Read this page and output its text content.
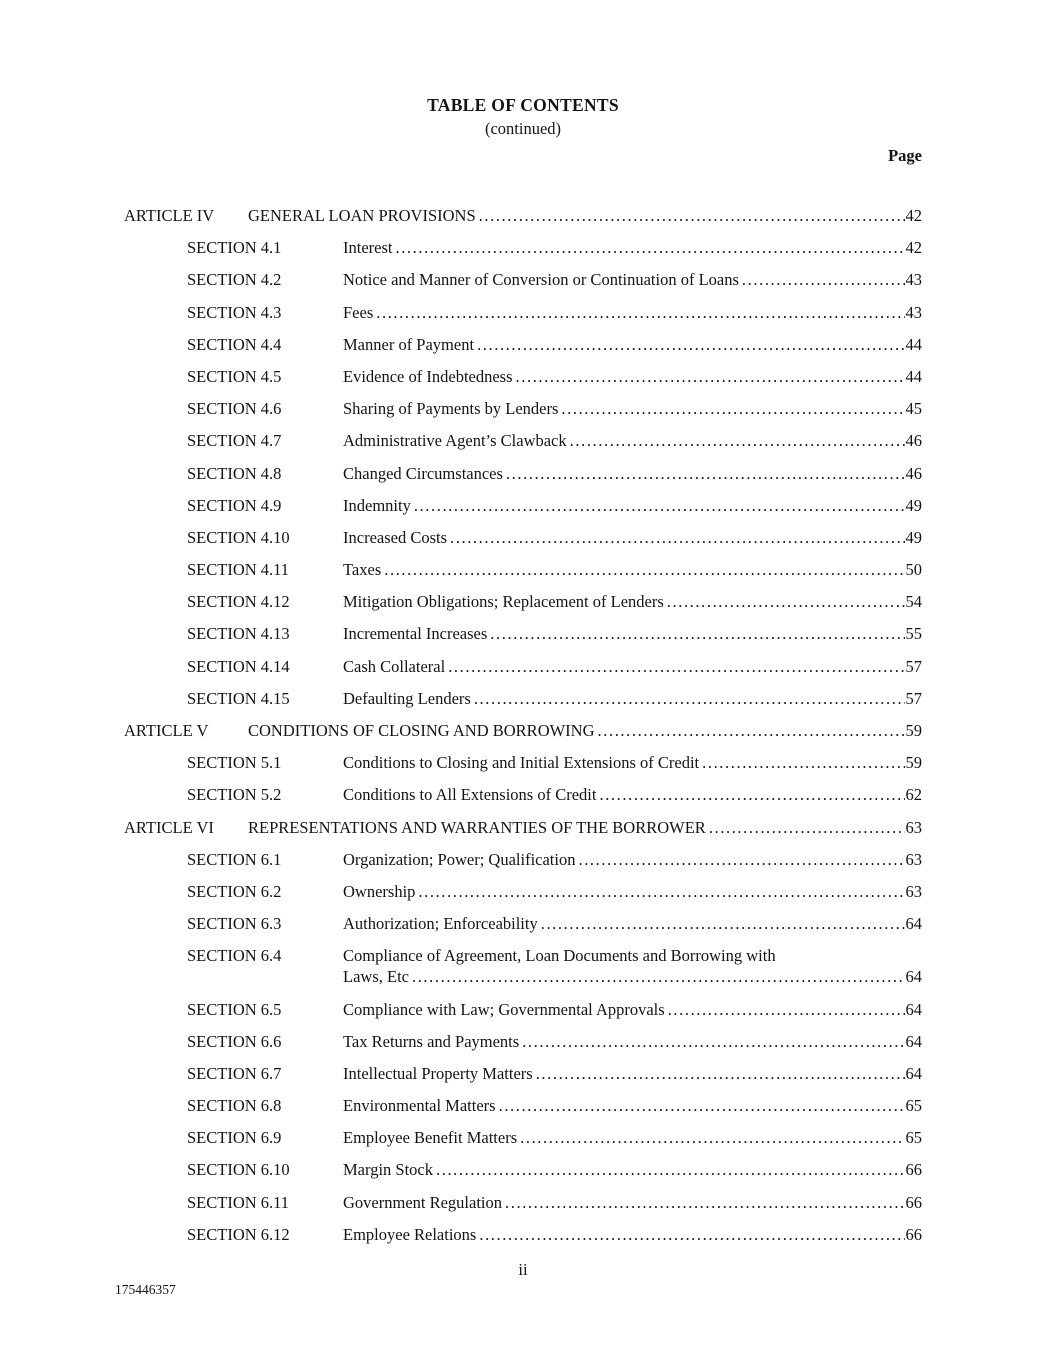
TABLE OF CONTENTS
(continued)
Page
ARTICLE IV	GENERAL LOAN PROVISIONS .....	42
SECTION 4.1	Interest .....	42
SECTION 4.2	Notice and Manner of Conversion or Continuation of Loans .....	43
SECTION 4.3	Fees .....	43
SECTION 4.4	Manner of Payment .....	44
SECTION 4.5	Evidence of Indebtedness .....	44
SECTION 4.6	Sharing of Payments by Lenders .....	45
SECTION 4.7	Administrative Agent’s Clawback .....	46
SECTION 4.8	Changed Circumstances .....	46
SECTION 4.9	Indemnity .....	49
SECTION 4.10	Increased Costs .....	49
SECTION 4.11	Taxes .....	50
SECTION 4.12	Mitigation Obligations; Replacement of Lenders .....	54
SECTION 4.13	Incremental Increases .....	55
SECTION 4.14	Cash Collateral .....	57
SECTION 4.15	Defaulting Lenders .....	57
ARTICLE V	CONDITIONS OF CLOSING AND BORROWING .....	59
SECTION 5.1	Conditions to Closing and Initial Extensions of Credit .....	59
SECTION 5.2	Conditions to All Extensions of Credit .....	62
ARTICLE VI	REPRESENTATIONS AND WARRANTIES OF THE BORROWER .....	63
SECTION 6.1	Organization; Power; Qualification .....	63
SECTION 6.2	Ownership .....	63
SECTION 6.3	Authorization; Enforceability .....	64
SECTION 6.4	Compliance of Agreement, Loan Documents and Borrowing with
Laws, Etc .....	64
SECTION 6.5	Compliance with Law; Governmental Approvals .....	64
SECTION 6.6	Tax Returns and Payments .....	64
SECTION 6.7	Intellectual Property Matters .....	64
SECTION 6.8	Environmental Matters .....	65
SECTION 6.9	Employee Benefit Matters .....	65
SECTION 6.10	Margin Stock .....	66
SECTION 6.11	Government Regulation .....	66
SECTION 6.12	Employee Relations .....	66
ii
175446357
